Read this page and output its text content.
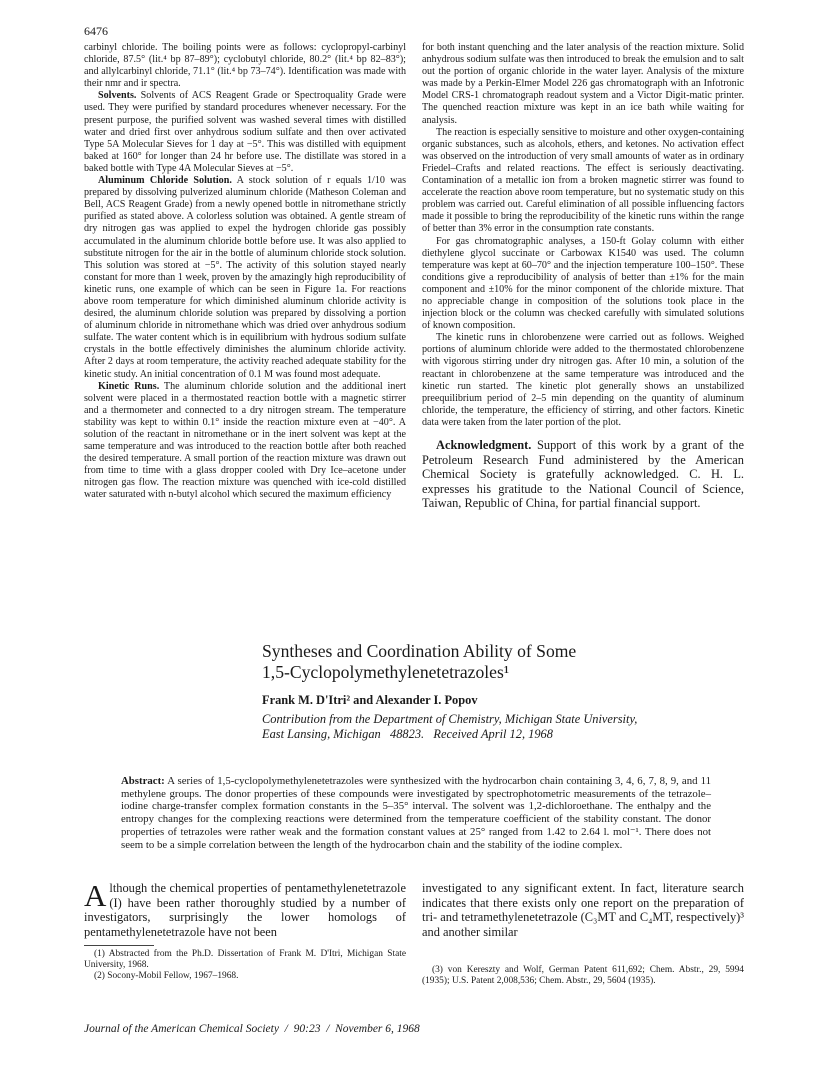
6476

carbinyl chloride. The boiling points were as follows: cyclopropyl-carbinyl chloride, 87.5° (lit.⁴ bp 87–89°); cyclobutyl chloride, 80.2° (lit.⁴ bp 82–83°); and allylcarbinyl chloride, 71.1° (lit.⁴ bp 73–74°). Identification was made with their nmr and ir spectra.

Solvents. Solvents of ACS Reagent Grade or Spectroquality Grade were used. They were purified by standard procedures whenever necessary. For the present purpose, the purified solvent was washed several times with distilled water and dried first over anhydrous sodium sulfate and then over activated Type 5A Molecular Sieves for 1 day at −5°. This was distilled with equipment baked at 160° for longer than 24 hr before use. The distillate was stored in a baked bottle with Type 4A Molecular Sieves at −5°.

Aluminum Chloride Solution. A stock solution of r equals 1/10 was prepared by dissolving pulverized aluminum chloride (Matheson Coleman and Bell, ACS Reagent Grade) from a newly opened bottle in nitromethane strictly purified as stated above. A colorless solution was obtained. A gentle stream of dry nitrogen gas was applied to expel the hydrogen chloride gas possibly accumulated in the aluminum chloride bottle before use. It was also applied to substitute nitrogen for the air in the bottle of aluminum chloride stock solution. This solution was stored at −5°. The activity of this solution stayed nearly constant for more than 1 week, proven by the amazingly high reproducibility of kinetic runs, one example of which can be seen in Figure 1a. For reactions above room temperature for which diminished aluminum chloride activity is desired, the aluminum chloride solution was prepared by dissolving a portion of aluminum chloride in nitromethane which was dried over anhydrous sodium sulfate. The water content which is in equilibrium with hydrous sodium sulfate crystals in the bottle effectively diminishes the aluminum chloride activity. After 2 days at room temperature, the activity reached adequate stability for the kinetic study. An initial concentration of 0.1 M was found most adequate.

Kinetic Runs. The aluminum chloride solution and the additional inert solvent were placed in a thermostated reaction bottle with a magnetic stirrer and a thermometer and connected to a dry nitrogen stream. The temperature stability was kept to within 0.1° inside the reaction mixture even at −40°. A solution of the reactant in nitromethane or in the inert solvent was kept at the same temperature and was introduced to the reaction bottle after both reached the desired temperature. A small portion of the reaction mixture was drawn out from time to time with a glass dropper cooled with Dry Ice–acetone under nitrogen gas flow. The reaction mixture was quenched with ice-cold distilled water saturated with n-butyl alcohol which secured the maximum efficiency

for both instant quenching and the later analysis of the reaction mixture. Solid anhydrous sodium sulfate was then introduced to break the emulsion and to salt out the portion of organic chloride in the water layer. Analysis of the mixture was made by a Perkin-Elmer Model 226 gas chromatograph with an Infotronic Model CRS-1 chromatograph readout system and a Victor Digit-matic printer. The quenched reaction mixture was kept in an ice bath while waiting for analysis.

The reaction is especially sensitive to moisture and other oxygen-containing organic substances, such as alcohols, ethers, and ketones. No activation effect was observed on the introduction of very small amounts of water as in ordinary Friedel–Crafts and related reactions. The effect is seriously deactivating. Contamination of a metallic ion from a broken magnetic stirrer was found to accelerate the reaction above room temperature, but no systematic study on this problem was carried out. Careful elimination of all possible influencing factors made it possible to bring the reproducibility of the kinetic runs within the range of better than 3% error in the consumption rate constants.

For gas chromatographic analyses, a 150-ft Golay column with either diethylene glycol succinate or Carbowax K1540 was used. The column temperature was kept at 60–70° and the injection temperature 100–150°. These conditions give a reproducibility of analysis of better than ±1% for the main component and ±10% for the minor component of the chloride mixture. That no appreciable change in composition of the solutions took place in the injection block or the column was checked carefully with simulated solutions of known composition.

The kinetic runs in chlorobenzene were carried out as follows. Weighed portions of aluminum chloride were added to the thermostated chlorobenzene with vigorous stirring under dry nitrogen gas. After 10 min, a solution of the reactant in chlorobenzene at the same temperature was introduced and the kinetic run started. The kinetic plot generally shows an unstabilized preequilibrium period of 2–5 min depending on the quantity of aluminum chloride, the temperature, the efficiency of stirring, and other factors. Kinetic data were taken from the later portion of the plot.

Acknowledgment. Support of this work by a grant of the Petroleum Research Fund administered by the American Chemical Society is gratefully acknowledged. C. H. L. expresses his gratitude to the National Council of Science, Taiwan, Republic of China, for partial financial support.

Syntheses and Coordination Ability of Some
1,5-Cyclopolymethylenetetrazoles¹
Frank M. D'Itri² and Alexander I. Popov
Contribution from the Department of Chemistry, Michigan State University,
East Lansing, Michigan   48823.   Received April 12, 1968
Abstract: A series of 1,5-cyclopolymethylenetetrazoles were synthesized with the hydrocarbon chain containing 3, 4, 6, 7, 8, 9, and 11 methylene groups. The donor properties of these compounds were investigated by spectrophotometric measurements of the tetrazole–iodine charge-transfer complex formation constants in the 5–35° interval. The solvent was 1,2-dichloroethane. The enthalpy and the entropy changes for the complexing reactions were determined from the temperature coefficient of the stability constant. The donor properties of tetrazoles were rather weak and the formation constant values at 25° ranged from 1.42 to 2.64 l. mol⁻¹. There does not seem to be a simple correlation between the length of the hydrocarbon chain and the stability of the iodine complex.
A lthough the chemical properties of pentamethylenetetrazole (I) have been rather thoroughly studied by a number of investigators, surprisingly the lower homologs of pentamethylenetetrazole have not been
(1) Abstracted from the Ph.D. Dissertation of Frank M. D'Itri, Michigan State University, 1968.
(2) Socony-Mobil Fellow, 1967–1968.
investigated to any significant extent. In fact, literature search indicates that there exists only one report on the preparation of tri- and tetramethylenetetrazole (C₃MT and C₄MT, respectively)³ and another similar
(3) von Kereszty and Wolf, German Patent 611,692; Chem. Abstr., 29, 5994 (1935); U.S. Patent 2,008,536; Chem. Abstr., 29, 5604 (1935).
Journal of the American Chemical Society  /  90:23  /  November 6, 1968
